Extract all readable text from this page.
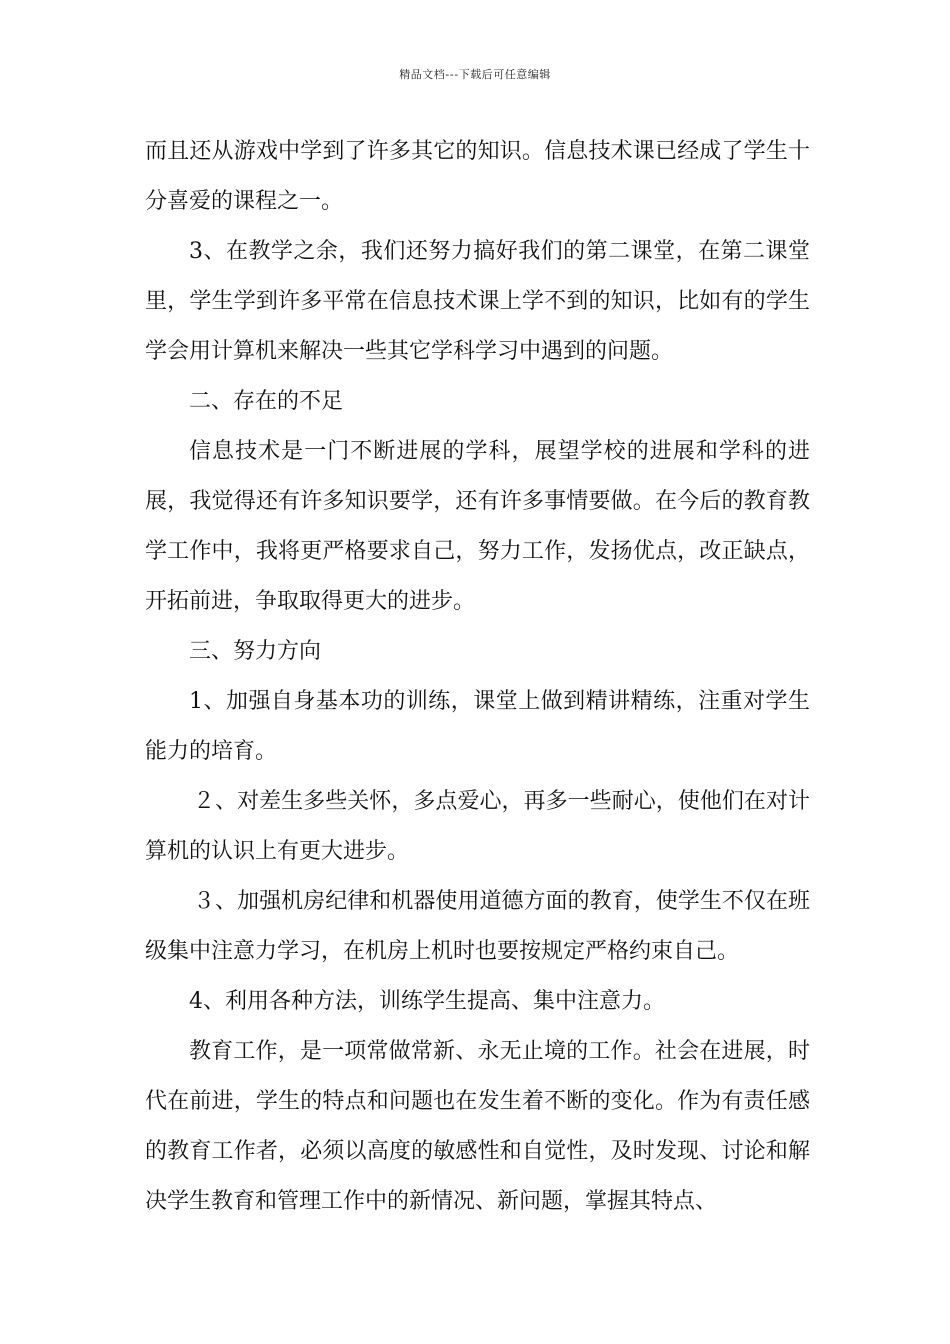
精品文档---下载后可任意编辑

而且还从游戏中学到了许多其它的知识。信息技术课已经成了学生十分喜爱的课程之一。

3、在教学之余，我们还努力搞好我们的第二课堂，在第二课堂里，学生学到许多平常在信息技术课上学不到的知识，比如有的学生学会用计算机来解决一些其它学科学习中遇到的问题。

二、存在的不足

信息技术是一门不断进展的学科，展望学校的进展和学科的进展，我觉得还有许多知识要学，还有许多事情要做。在今后的教育教学工作中，我将更严格要求自己，努力工作，发扬优点，改正缺点，开拓前进，争取取得更大的进步。

三、努力方向

1、加强自身基本功的训练，课堂上做到精讲精练，注重对学生能力的培育。

２、对差生多些关怀，多点爱心，再多一些耐心，使他们在对计算机的认识上有更大进步。

３、加强机房纪律和机器使用道德方面的教育，使学生不仅在班级集中注意力学习，在机房上机时也要按规定严格约束自己。

4、利用各种方法，训练学生提高、集中注意力。

教育工作，是一项常做常新、永无止境的工作。社会在进展，时代在前进，学生的特点和问题也在发生着不断的变化。作为有责任感的教育工作者，必须以高度的敏感性和自觉性，及时发现、讨论和解决学生教育和管理工作中的新情况、新问题，掌握其特点、
